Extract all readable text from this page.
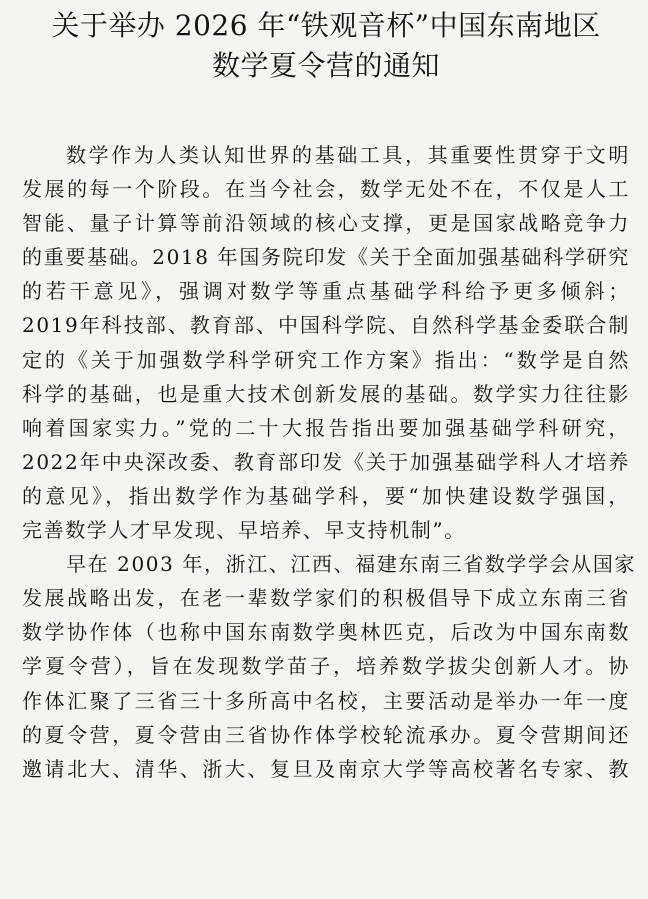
关于举办 2026 年“铁观音杯”中国东南地区
数学夏令营的通知
数学作为人类认知世界的基础工具，其重要性贯穿于文明
发展的每一个阶段。在当今社会，数学无处不在，不仅是人工
智能、量子计算等前沿领域的核心支撑，更是国家战略竞争力
的重要基础。2018 年国务院印发《关于全面加强基础科学研究
的若干意见》，强调对数学等重点基础学科给予更多倾斜；
2019年科技部、教育部、中国科学院、自然科学基金委联合制
定的《关于加强数学科学研究工作方案》指出：“数学是自然
科学的基础，也是重大技术创新发展的基础。数学实力往往影
响着国家实力。”党的二十大报告指出要加强基础学科研究，
2022年中央深改委、教育部印发《关于加强基础学科人才培养
的意见》，指出数学作为基础学科，要“加快建设数学强国，
完善数学人才早发现、早培养、早支持机制”。
早在 2003 年，浙江、江西、福建东南三省数学学会从国家
发展战略出发，在老一辈数学家们的积极倡导下成立东南三省
数学协作体（也称中国东南数学奥林匹克，后改为中国东南数
学夏令营），旨在发现数学苗子，培养数学拔尖创新人才。协
作体汇聚了三省三十多所高中名校，主要活动是举办一年一度
的夏令营，夏令营由三省协作体学校轮流承办。夏令营期间还
邀请北大、清华、浙大、复旦及南京大学等高校著名专家、教
